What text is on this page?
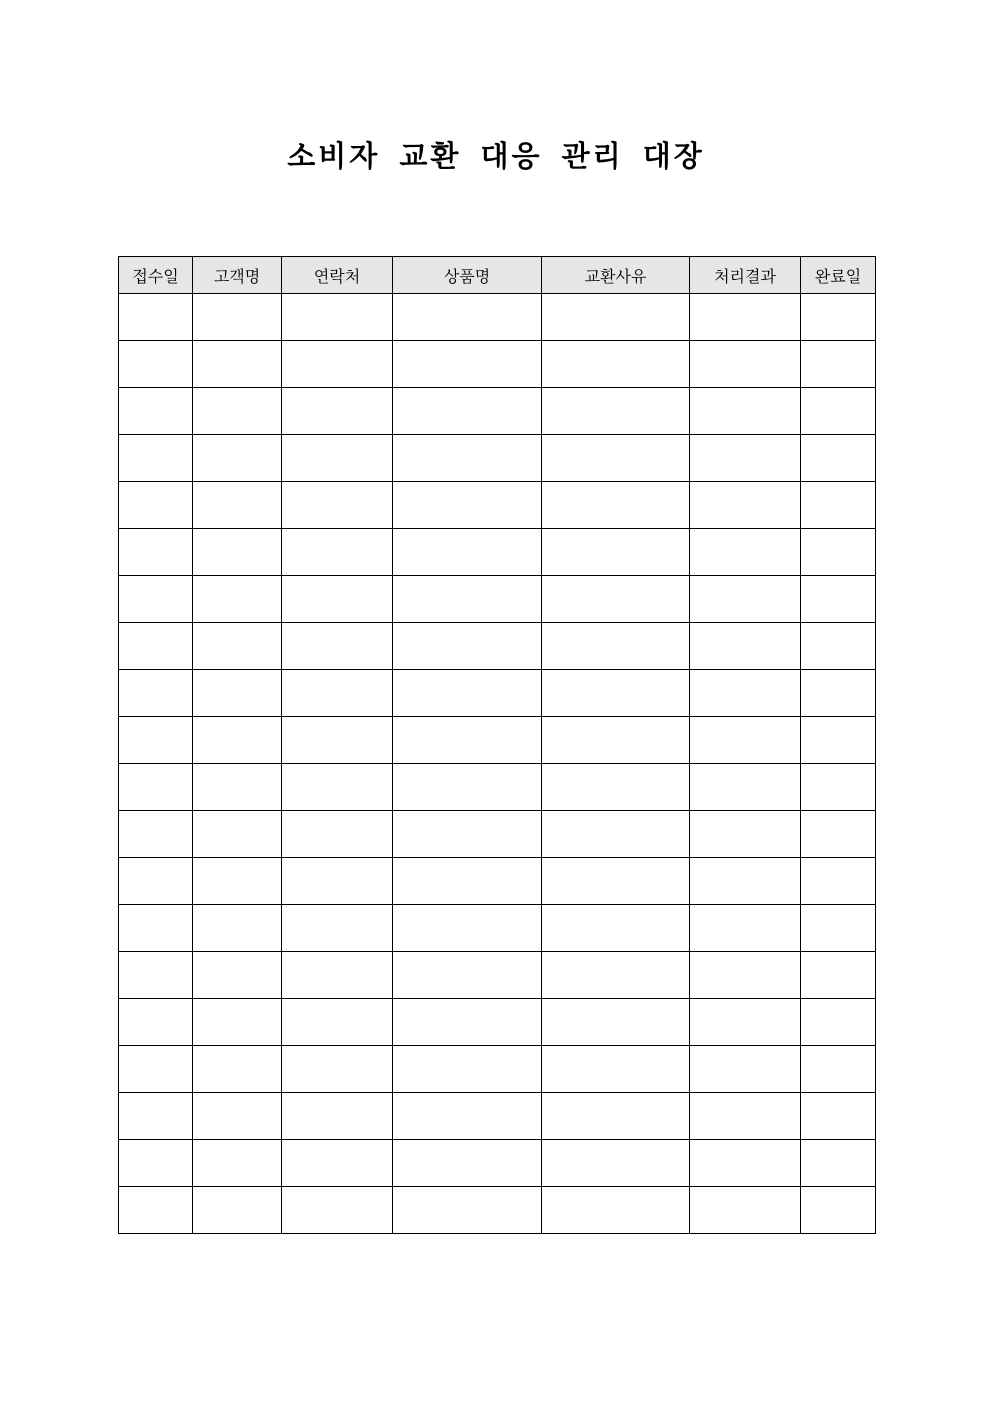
소비자 교환 대응 관리 대장
접수일	고객명	연락처	상품명	교환사유	처리결과	완료일
